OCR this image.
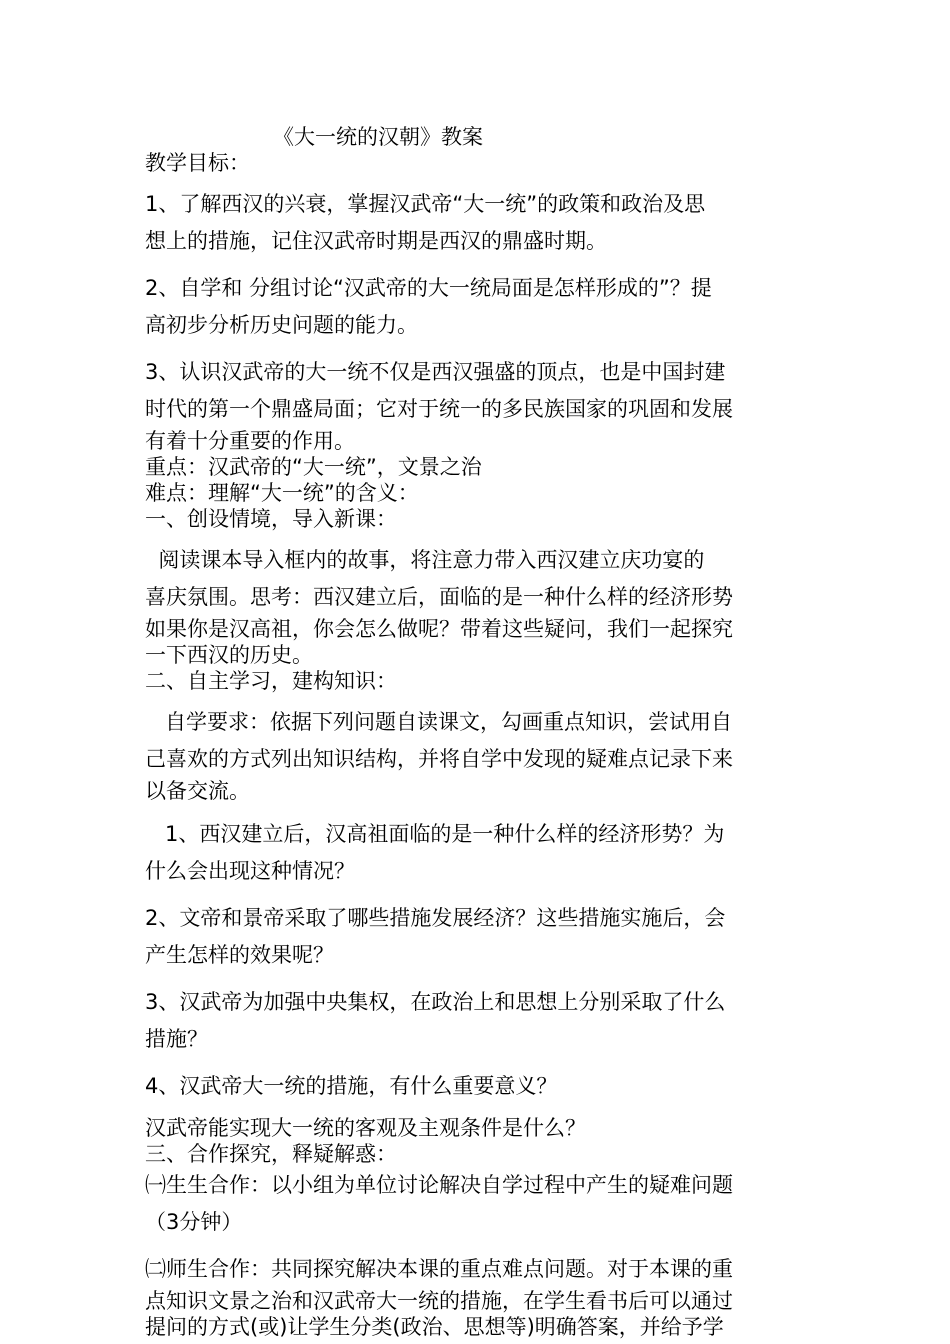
《大一统的汉朝》教案

教学目标：

1、了解西汉的兴衰，掌握汉武帝“大一统”的政策和政治及思

想上的措施，记住汉武帝时期是西汉的鼎盛时期。

2、自学和 分组讨论“汉武帝的大一统局面是怎样形成的”？提

高初步分析历史问题的能力。

3、认识汉武帝的大一统不仅是西汉强盛的顶点，也是中国封建

时代的第一个鼎盛局面；它对于统一的多民族国家的巩固和发展

有着十分重要的作用。

重点：汉武帝的“大一统”，文景之治

难点：理解“大一统”的含义：

一、创设情境，导入新课：

阅读课本导入框内的故事，将注意力带入西汉建立庆功宴的

喜庆氛围。思考：西汉建立后，面临的是一种什么样的经济形势

如果你是汉高祖，你会怎么做呢？带着这些疑问，我们一起探究

一下西汉的历史。

二、自主学习，建构知识：

自学要求：依据下列问题自读课文，勾画重点知识，尝试用自

己喜欢的方式列出知识结构，并将自学中发现的疑难点记录下来

以备交流。

1、西汉建立后，汉高祖面临的是一种什么样的经济形势？为

什么会出现这种情况？

2、文帝和景帝采取了哪些措施发展经济？这些措施实施后，会

产生怎样的效果呢？

3、汉武帝为加强中央集权，在政治上和思想上分别采取了什么

措施？

4、汉武帝大一统的措施，有什么重要意义？

汉武帝能实现大一统的客观及主观条件是什么？

三、合作探究，释疑解惑：

㈠生生合作：以小组为单位讨论解决自学过程中产生的疑难问题

（3分钟）

㈡师生合作：共同探究解决本课的重点难点问题。对于本课的重

点知识文景之治和汉武帝大一统的措施，在学生看书后可以通过

提问的方式(或)让学生分类(政治、思想等)明确答案，并给予学
